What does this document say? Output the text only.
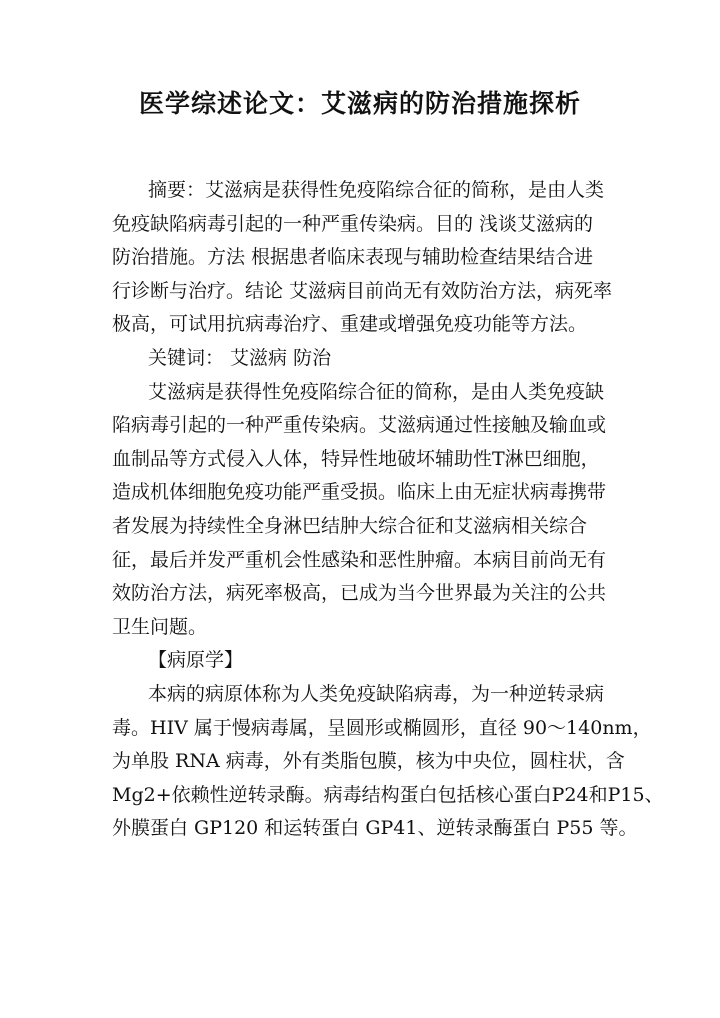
医学综述论文：艾滋病的防治措施探析
摘要：艾滋病是获得性免疫陷综合征的简称，是由人类
免疫缺陷病毒引起的一种严重传染病。目的 浅谈艾滋病的
防治措施。方法 根据患者临床表现与辅助检查结果结合进
行诊断与治疗。结论 艾滋病目前尚无有效防治方法，病死率
极高，可试用抗病毒治疗、重建或增强免疫功能等方法。
关键词： 艾滋病 防治
艾滋病是获得性免疫陷综合征的简称，是由人类免疫缺
陷病毒引起的一种严重传染病。艾滋病通过性接触及输血或
血制品等方式侵入人体，特异性地破坏辅助性T淋巴细胞，
造成机体细胞免疫功能严重受损。临床上由无症状病毒携带
者发展为持续性全身淋巴结肿大综合征和艾滋病相关综合
征，最后并发严重机会性感染和恶性肿瘤。本病目前尚无有
效防治方法，病死率极高，已成为当今世界最为关注的公共
卫生问题。
【病原学】
本病的病原体称为人类免疫缺陷病毒，为一种逆转录病
毒。HIV 属于慢病毒属，呈圆形或椭圆形，直径 90～140nm，
为单股 RNA 病毒，外有类脂包膜，核为中央位，圆柱状，含
Mg2+依赖性逆转录酶。病毒结构蛋白包括核心蛋白P24和P15、
外膜蛋白 GP120 和运转蛋白 GP41、逆转录酶蛋白 P55 等。
